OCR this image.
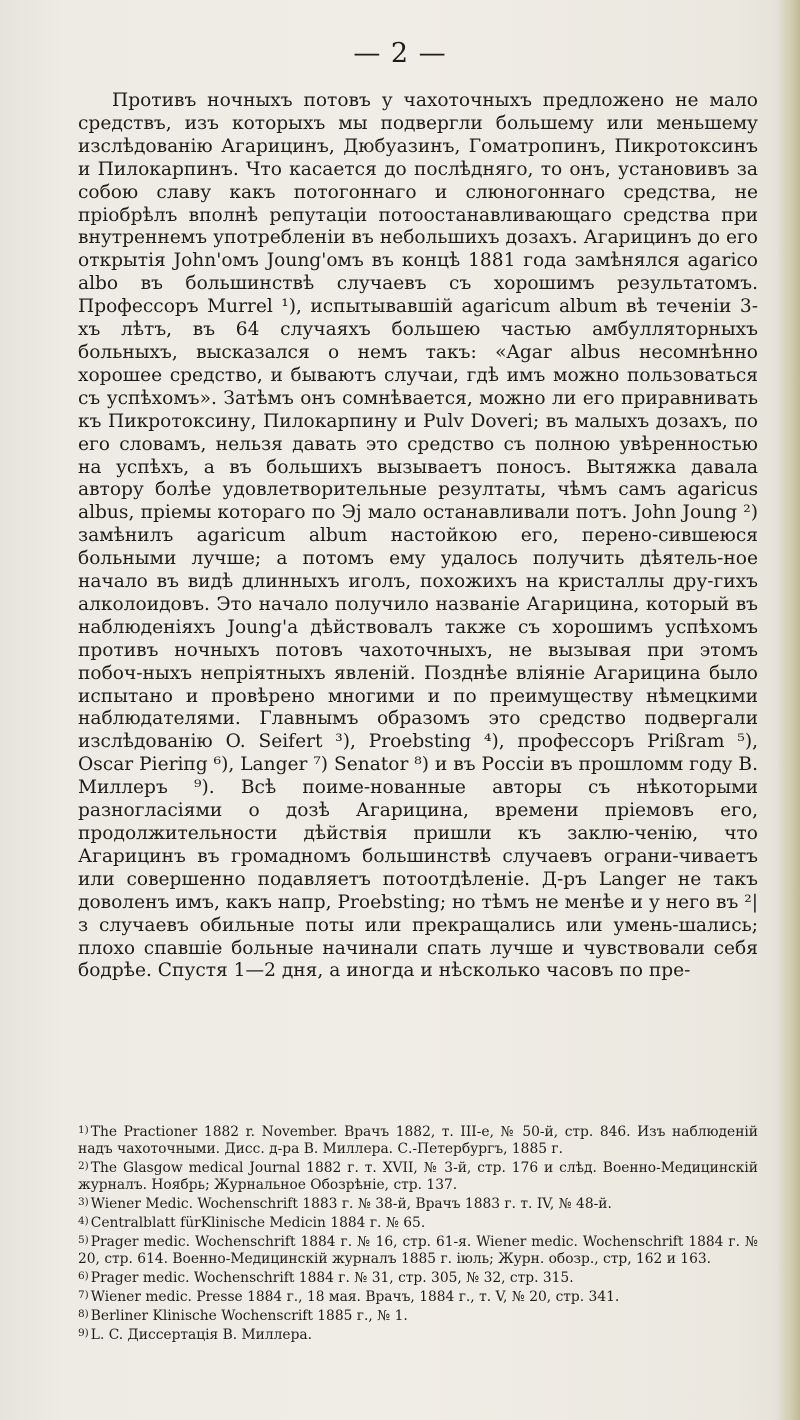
— 2 —

Противъ ночныхъ потовъ у чахоточныхъ предложено не мало средствъ, изъ которыхъ мы подвергли большему или меньшему изслѣдованію Агарицинъ, Дюбуазинъ, Гоматропинъ, Пикротоксинъ и Пилокарпинъ. Что касается до послѣдняго, то онъ, установивъ за собою славу какъ потогоннаго и слюногоннаго средства, не пріобрѣлъ вполнѣ репутаціи потоостанавливающаго средства при внутреннемъ употребленіи въ небольшихъ дозахъ. Агарицинъ до его открытія John'омъ Joung'омъ въ концѣ 1881 года замѣнялся agaricо albo въ большинствѣ случаевъ съ хорошимъ результатомъ. Профессоръ Murrel ¹), испытывавшій agaricum album вѣ теченіи 3-хъ лѣтъ, въ 64 случаяхъ большею частью амбулляторныхъ больныхъ, высказался о немъ такъ: «Agar albus несомнѣнно хорошее средство, и бываютъ случаи, гдѣ имъ можно пользоваться съ успѣхомъ». Затѣмъ онъ сомнѣвается, можно ли его приравнивать къ Пикротоксину, Пилокарпину и Pulv Doveri; въ малыхъ дозахъ, по его словамъ, нельзя давать это средство съ полною увѣренностью на успѣхъ, а въ большихъ вызываетъ поносъ. Вытяжка давала автору болѣе удовлетворительные резултаты, чѣмъ самъ agaricus albus, пріемы котораго по Эj мало останавливали потъ. John Joung ²) замѣнилъ agaricum album настойкою его, перено-сившеюся больными лучше; а потомъ ему удалось получить дѣятель-ное начало въ видѣ длинныхъ иголъ, похожихъ на кристаллы дру-гихъ алколоидовъ. Это начало получило названіе Агарицина, который въ наблюденіяхъ Joung'а дѣйствовалъ также съ хорошимъ успѣхомъ противъ ночныхъ потовъ чахоточныхъ, не вызывая при этомъ побоч-ныхъ непріятныхъ явленій. Позднѣе вліяніе Агарицина было испытано и провѣрено многими и по преимуществу нѣмецкими наблюдателями. Главнымъ образомъ это средство подвергали изслѣдованію O. Seifert ³), Proebsting ⁴), профессоръ Prißram ⁵), Oscar Pieriпg ⁶), Langer ⁷) Senator ⁸) и въ Россіи въ прошломм году В. Миллеръ ⁹). Всѣ поиме-нованные авторы съ нѣкоторыми разногласіями о дозѣ Агарицина, времени пріемовъ его, продолжительности дѣйствія пришли къ заклю-ченію, что Агарицинъ въ громадномъ большинствѣ случаевъ ограни-чиваетъ или совершенно подавляетъ потоотдѣленіе. Д-ръ Langer не такъ доволенъ имъ, какъ напр, Proebsting; но тѣмъ не менѣе и у него въ ²|з случаевъ обильные поты или прекращались или умень-шались; плохо спавшіе больные начинали спать лучше и чувствовали себя бодрѣе. Спустя 1—2 дня, а иногда и нѣсколько часовъ по пре-

$^{1)}$ The Practioner 1882 r. November. Врачъ 1882, т. III-е, № 50-й, стр. 846. Изъ наблюденій надъ чахоточными. Дисс. д-ра В. Миллера. С.-Петербургъ, 1885 г.
$^{2)}$ The Glasgow medical Journal 1882 г. т. XVII, № 3-й, стр. 176 и слѣд. Военно-Медицинскій журналъ. Ноябрь; Журнальное Обозрѣніе, стр. 137.
$^{3)}$ Wiener Medic. Wochenschrift 1883 г. № 38-й, Врачъ 1883 г. т. IV, № 48-й.
$^{4)}$ Centralblatt fürKlinische Medicin 1884 г. № 65.
$^{5)}$ Prager medic. Wochenschrift 1884 г. № 16, стр. 61-я. Wiener medic. Wochenschrift 1884 г. № 20, стр. 614. Военно-Медицинскій журналъ 1885 г. іюль; Журн. обозр., стр, 162 и 163.
$^{6)}$ Prager medic. Wochenschrift 1884 г. № 31, стр. 305, № 32, стр. 315.
$^{7)}$ Wiener medic. Presse 1884 г., 18 мая. Врачъ, 1884 г., т. V, № 20, стр. 341.
$^{8)}$ Berliner Klinische Wochenscrift 1885 г., № 1.
$^{9)}$ L. C. Диссертація В. Миллера.
